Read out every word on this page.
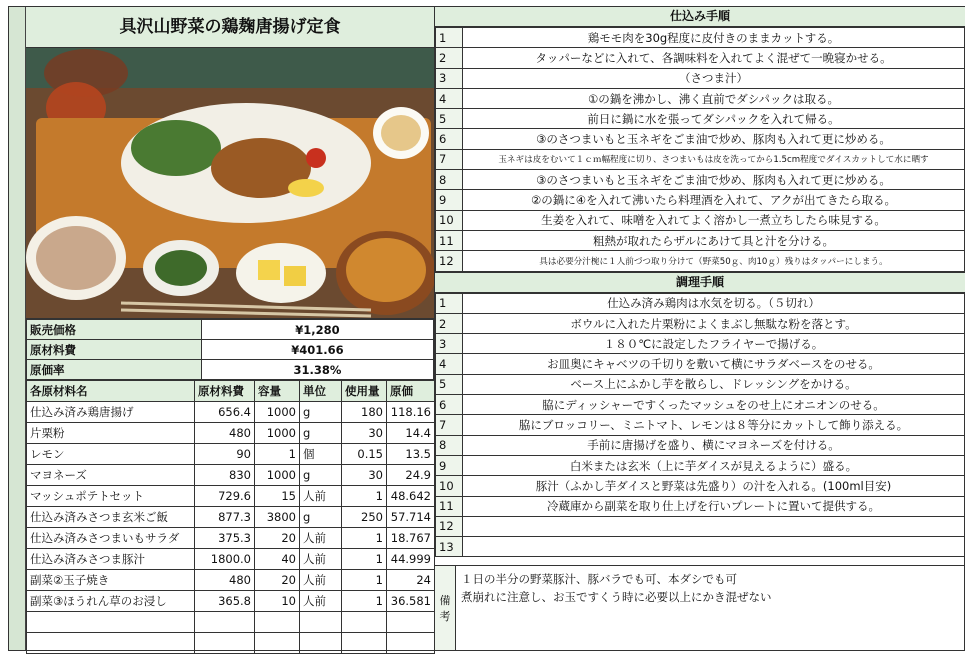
具沢山野菜の鶏麹唐揚げ定食
販売価格	¥1,280
原材料費	¥401.66
原価率	31.38%
各原材料名	原材料費	容量	単位	使用量	原価
仕込み済み鶏唐揚げ	656.4	1000	g	180	118.16
片栗粉	480	1000	g	30	14.4
レモン	90	1	個	0.15	13.5
マヨネーズ	830	1000	g	30	24.9
マッシュポテトセット	729.6	15	人前	1	48.642
仕込み済みさつま玄米ご飯	877.3	3800	g	250	57.714
仕込み済みさつまいもサラダ	375.3	20	人前	1	18.767
仕込み済みさつま豚汁	1800.0	40	人前	1	44.999
副菜②玉子焼き	480	20	人前	1	24
副菜③ほうれん草のお浸し	365.8	10	人前	1	36.581

仕込み手順
1	鶏モモ肉を30g程度に皮付きのままカットする。
2	タッパーなどに入れて、各調味料を入れてよく混ぜて一晩寝かせる。
3	（さつま汁）
4	①の鍋を沸かし、沸く直前でダシパックは取る。
5	前日に鍋に水を張ってダシパックを入れて帰る。
6	③のさつまいもと玉ネギをごま油で炒め、豚肉も入れて更に炒める。
7	玉ネギは皮をむいて１ｃｍ幅程度に切り、さつまいもは皮を洗ってから1.5cm程度でダイスカットして水に晒す
8	③のさつまいもと玉ネギをごま油で炒め、豚肉も入れて更に炒める。
9	②の鍋に④を入れて沸いたら料理酒を入れて、アクが出てきたら取る。
10	生姜を入れて、味噌を入れてよく溶かし一煮立ちしたら味見する。
11	粗熱が取れたらザルにあけて具と汁を分ける。
12	具は必要分汁椀に１人前づつ取り分けて（野菜50ｇ、肉10ｇ）残りはタッパーにしまう。
調理手順
1	仕込み済み鶏肉は水気を切る。（５切れ）
2	ボウルに入れた片栗粉によくまぶし無駄な粉を落とす。
3	１８０℃に設定したフライヤーで揚げる。
4	お皿奥にキャベツの千切りを敷いて横にサラダベースをのせる。
5	ベース上にふかし芋を散らし、ドレッシングをかける。
6	脇にディッシャーですくったマッシュをのせ上にオニオンのせる。
7	脇にブロッコリー、ミニトマト、レモンは８等分にカットして飾り添える。
8	手前に唐揚げを盛り、横にマヨネーズを付ける。
9	白米または玄米（上に芋ダイスが見えるように）盛る。
10	豚汁（ふかし芋ダイスと野菜は先盛り）の汁を入れる。(100ml目安)
11	冷蔵庫から副菜を取り仕上げを行いプレートに置いて提供する。
12	
13	
備
考
１日の半分の野菜豚汁、豚バラでも可、本ダシでも可
煮崩れに注意し、お玉ですくう時に必要以上にかき混ぜない
